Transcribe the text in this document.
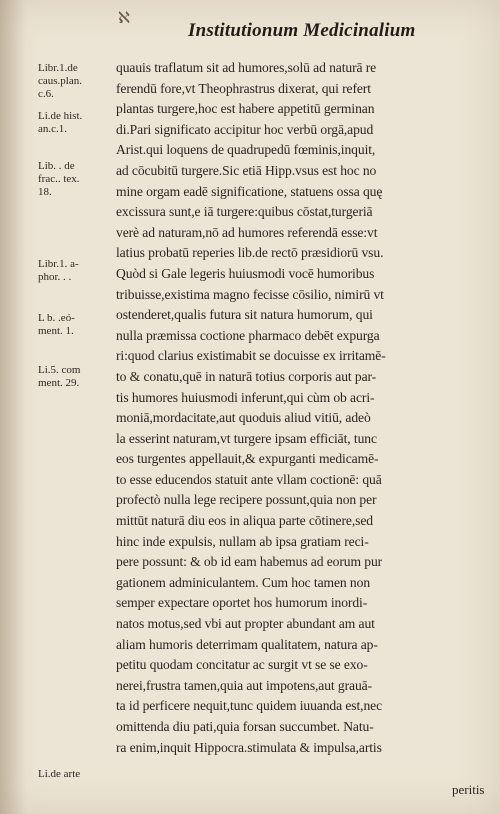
ℵ
Institutionum Medicinalium
Libr.1.de
caus.plan.
c.6.
Li.de hist.
an.c.1.
Lib. . de
frac.. tex.
18.
Libr.1. a-
phor. . .
L b. .eó-
ment. 1.
Li.5. com
ment. 29.
Li.de arte
quauis traflatum sit ad humores,solū ad naturā re
ferendū fore,vt Theophrastrus dixerat, qui refert
plantas turgere,hoc est habere appetitū germinan
di.Pari significato accipitur hoc verbū orgā,apud
Arist.qui loquens de quadrupedū fœminis,inquit,
ad cōcubitū turgere.Sic etiā Hipp.vsus est hoc no
mine orgam eadē significatione, statuens ossa quę
excissura sunt,e iā turgere:quibus cōstat,turgeriā
verè ad naturam,nō ad humores referendā esse:vt
latius probatū reperies lib.de rectō præsidiorū vsu.
Quòd si Gale legeris huiusmodi vocē humoribus
tribuisse,existima magno fecisse cōsilio, nimirū vt
ostenderet,qualis futura sit natura humorum, qui
nulla præmissa coctione pharmaco debēt expurga
ri:quod clarius existimabit se docuisse ex irritamē-
to & conatu,quē in naturā totius corporis aut par-
tis humores huiusmodi inferunt,qui cùm ob acri-
moniā,mordacitate,aut quoduis aliud vitiū, adeò
la esserint naturam,vt turgere ipsam efficiāt, tunc
eos turgentes appellauit,& expurganti medicamē-
to esse educendos statuit ante vllam coctionē: quā
profectò nulla lege recipere possunt,quia non per
mittūt naturā diu eos in aliqua parte cōtinere,sed
hinc inde expulsis, nullam ab ipsa gratiam reci-
pere possunt: & ob id eam habemus ad eorum pur
gationem adminiculantem. Cum hoc tamen non
semper expectare oportet hos humorum inordi-
natos motus,sed vbi aut propter abundant am aut
aliam humoris deterrimam qualitatem, natura ap-
petitu quodam concitatur ac surgit vt se se exo-
nerei,frustra tamen,quia aut impotens,aut grauā-
ta id perficere nequit,tunc quidem iuuanda est,nec
omittenda diu pati,quia forsan succumbet. Natu-
ra enim,inquit Hippocra.stimulata & impulsa,artis
peritis
